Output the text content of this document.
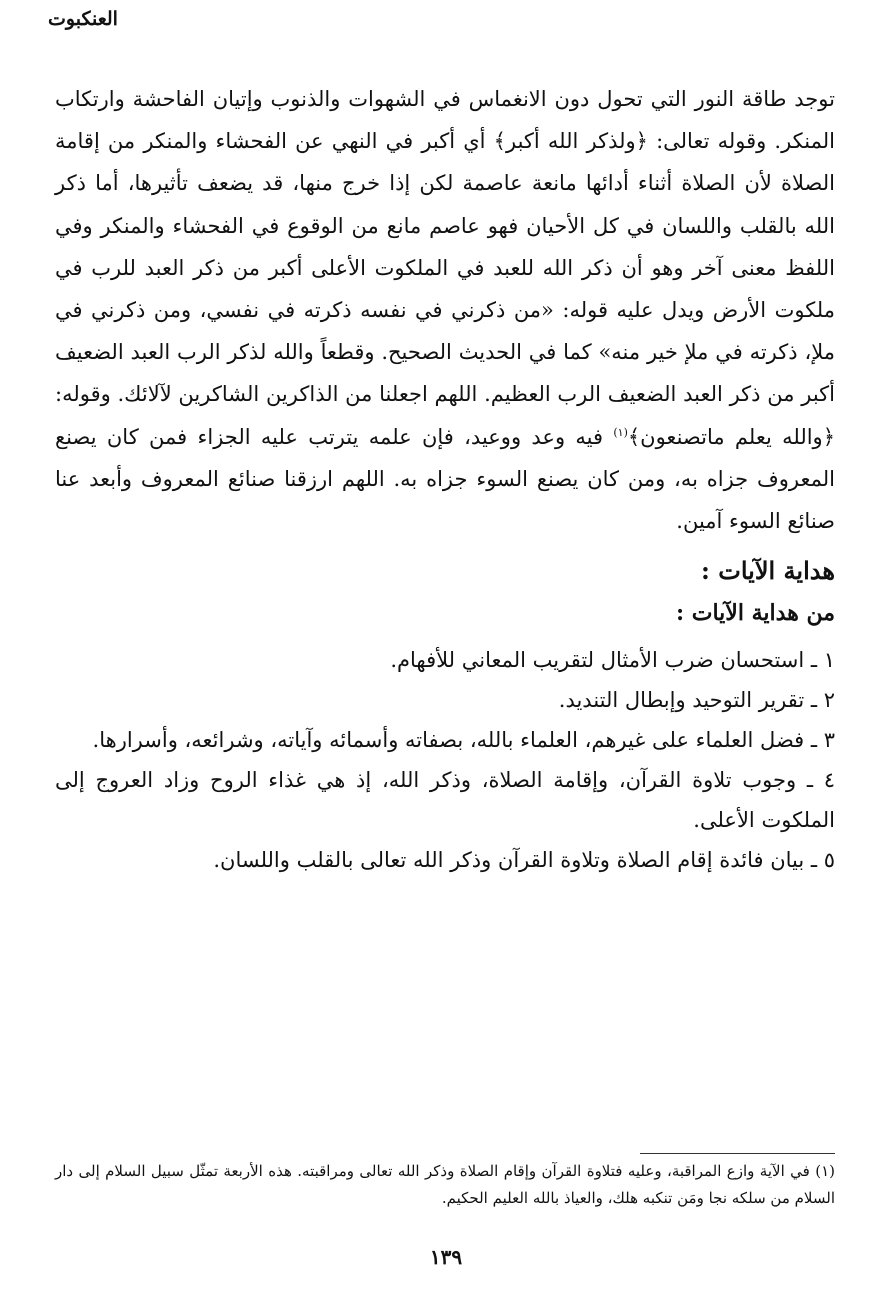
العنكبوت

توجد طاقة النور التي تحول دون الانغماس في الشهوات والذنوب وإتيان الفاحشة وارتكاب المنكر. وقوله تعالى: ﴿ولذكر الله أكبر﴾ أي أكبر في النهي عن الفحشاء والمنكر من إقامة الصلاة لأن الصلاة أثناء أدائها مانعة عاصمة لكن إذا خرج منها، قد يضعف تأثيرها، أما ذكر الله بالقلب واللسان في كل الأحيان فهو عاصم مانع من الوقوع في الفحشاء والمنكر وفي اللفظ معنى آخر وهو أن ذكر الله للعبد في الملكوت الأعلى أكبر من ذكر العبد للرب في ملكوت الأرض ويدل عليه قوله: «من ذكرني في نفسه ذكرته في نفسي، ومن ذكرني في ملإ، ذكرته في ملإ خير منه» كما في الحديث الصحيح. وقطعاً والله لذكر الرب العبد الضعيف أكبر من ذكر العبد الضعيف الرب العظيم. اللهم اجعلنا من الذاكرين الشاكرين لآلائك. وقوله: ﴿والله يعلم ماتصنعون﴾$^{(١)}$ فيه وعد ووعيد، فإن علمه يترتب عليه الجزاء فمن كان يصنع المعروف جزاه به، ومن كان يصنع السوء جزاه به. اللهم ارزقنا صنائع المعروف وأبعد عنا صنائع السوء آمين.

هداية الآيات :
من هداية الآيات :
١ ـ استحسان ضرب الأمثال لتقريب المعاني للأفهام.
٢ ـ تقرير التوحيد وإبطال التنديد.
٣ ـ فضل العلماء على غيرهم، العلماء بالله، بصفاته وأسمائه وآياته، وشرائعه، وأسرارها.
٤ ـ وجوب تلاوة القرآن، وإقامة الصلاة، وذكر الله، إذ هي غذاء الروح وزاد العروج إلى الملكوت الأعلى.
٥ ـ بيان فائدة إقام الصلاة وتلاوة القرآن وذكر الله تعالى بالقلب واللسان.
(١) في الآية وازع المراقبة، وعليه فتلاوة القرآن وإقام الصلاة وذكر الله تعالى ومراقبته. هذه الأربعة تمثّل سبيل السلام إلى دار السلام من سلكه نجا ومَن تنكبه هلك، والعياذ بالله العليم الحكيم.
١٣٩
